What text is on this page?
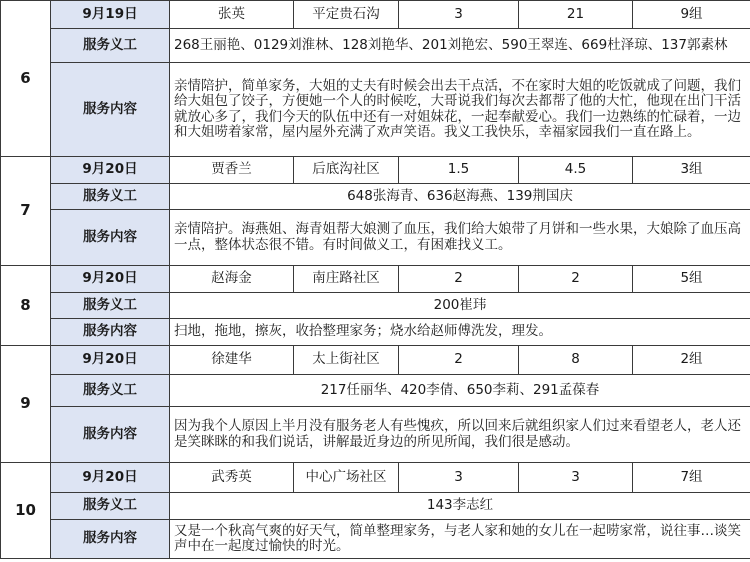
6	9月19日	张英	平定贵石沟	3	21	9组
	服务义工	268王丽艳、0129刘淮林、128刘艳华、201刘艳宏、590王翠连、669杜泽琼、137郭素林				
	服务内容	亲情陪护，简单家务，大姐的丈夫有时候会出去干点活，不在家时大姐的吃饭就成了问题，我们给大姐包了饺子，方便她一个人的时候吃，大哥说我们每次去都帮了他的大忙，他现在出门干活就放心多了，我们今天的队伍中还有一对姐妹花，一起奉献爱心。我们一边熟练的忙碌着，一边和大姐唠着家常，屋内屋外充满了欢声笑语。我义工我快乐，幸福家园我们一直在路上。				
7	9月20日	贾香兰	后底沟社区	1.5	4.5	3组
	服务义工	648张海青、636赵海燕、139荆国庆				
	服务内容	亲情陪护。海燕姐、海青姐帮大娘测了血压，我们给大娘带了月饼和一些水果，大娘除了血压高一点，整体状态很不错。有时间做义工，有困难找义工。				
8	9月20日	赵海金	南庄路社区	2	2	5组
	服务义工	200崔玮				
	服务内容	扫地，拖地，擦灰，收拾整理家务；烧水给赵师傅洗发，理发。				
9	9月20日	徐建华	太上街社区	2	8	2组
	服务义工	217任丽华、420李倩、650李莉、291孟葆春				
	服务内容	因为我个人原因上半月没有服务老人有些愧疚，所以回来后就组织家人们过来看望老人，老人还是笑眯眯的和我们说话，讲解最近身边的所见所闻，我们很是感动。				
10	9月20日	武秀英	中心广场社区	3	3	7组
	服务义工	143李志红				
	服务内容	又是一个秋高气爽的好天气，简单整理家务，与老人家和她的女儿在一起唠家常，说往事…谈笑声中在一起度过愉快的时光。				
